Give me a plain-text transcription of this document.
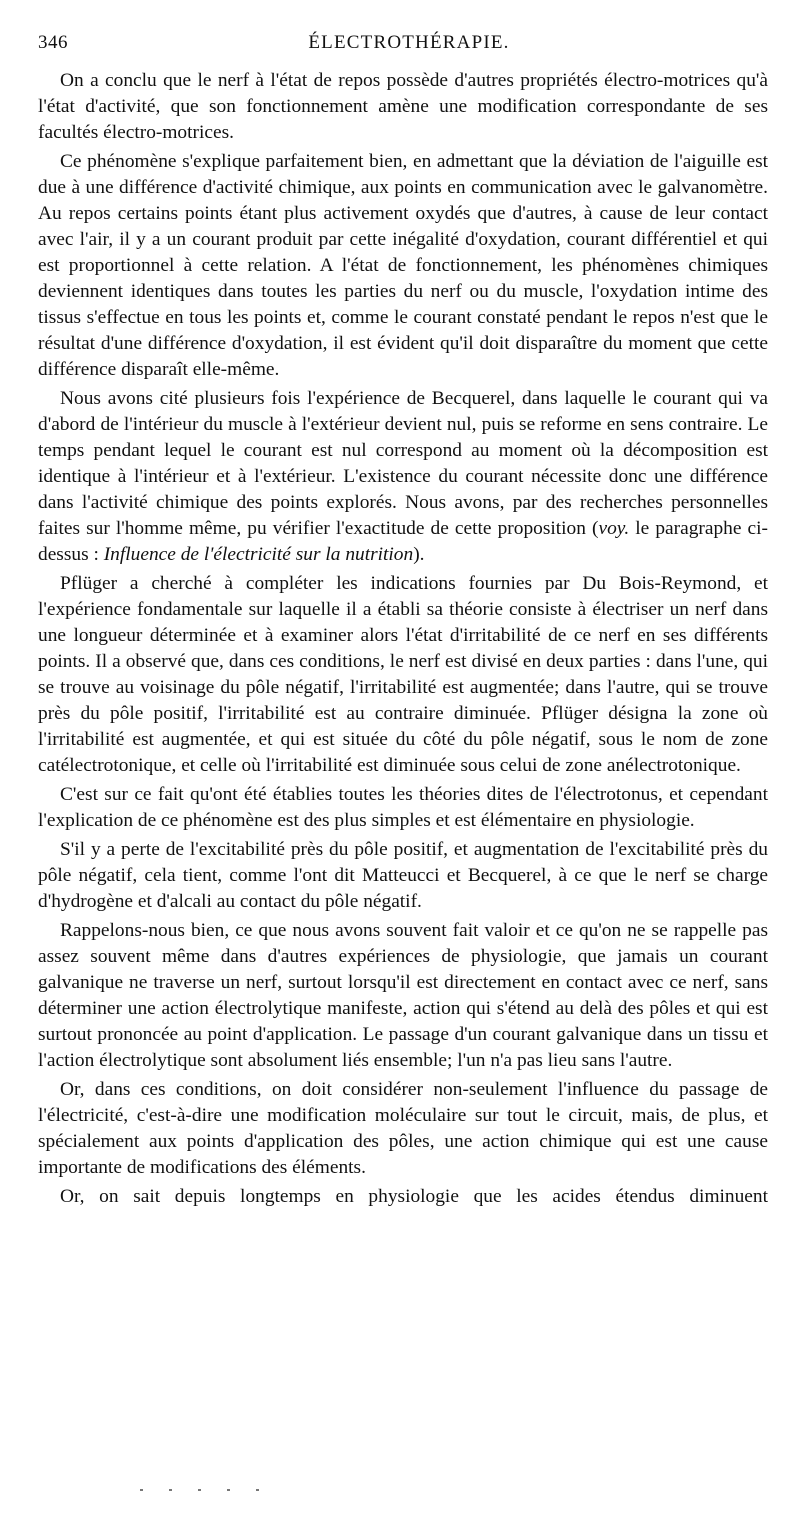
346	ÉLECTROTHÉRAPIE.

On a conclu que le nerf à l'état de repos possède d'autres propriétés électro-motrices qu'à l'état d'activité, que son fonctionnement amène une modification correspondante de ses facultés électro-motrices.

Ce phénomène s'explique parfaitement bien, en admettant que la déviation de l'aiguille est due à une différence d'activité chimique, aux points en communication avec le galvanomètre. Au repos certains points étant plus activement oxydés que d'autres, à cause de leur contact avec l'air, il y a un courant produit par cette inégalité d'oxydation, courant différentiel et qui est proportionnel à cette relation. A l'état de fonctionnement, les phénomènes chimiques deviennent identiques dans toutes les parties du nerf ou du muscle, l'oxydation intime des tissus s'effectue en tous les points et, comme le courant constaté pendant le repos n'est que le résultat d'une différence d'oxydation, il est évident qu'il doit disparaître du moment que cette différence disparaît elle-même.

Nous avons cité plusieurs fois l'expérience de Becquerel, dans laquelle le courant qui va d'abord de l'intérieur du muscle à l'extérieur devient nul, puis se reforme en sens contraire. Le temps pendant lequel le courant est nul correspond au moment où la décomposition est identique à l'intérieur et à l'extérieur. L'existence du courant nécessite donc une différence dans l'activité chimique des points explorés. Nous avons, par des recherches personnelles faites sur l'homme même, pu vérifier l'exactitude de cette proposition (voy. le paragraphe ci-dessus : Influence de l'électricité sur la nutrition).

Pflüger a cherché à compléter les indications fournies par Du Bois-Reymond, et l'expérience fondamentale sur laquelle il a établi sa théorie consiste à électriser un nerf dans une longueur déterminée et à examiner alors l'état d'irritabilité de ce nerf en ses différents points. Il a observé que, dans ces conditions, le nerf est divisé en deux parties : dans l'une, qui se trouve au voisinage du pôle négatif, l'irritabilité est augmentée; dans l'autre, qui se trouve près du pôle positif, l'irritabilité est au contraire diminuée. Pflüger désigna la zone où l'irritabilité est augmentée, et qui est située du côté du pôle négatif, sous le nom de zone catélectrotonique, et celle où l'irritabilité est diminuée sous celui de zone anélectrotonique.

C'est sur ce fait qu'ont été établies toutes les théories dites de l'électrotonus, et cependant l'explication de ce phénomène est des plus simples et est élémentaire en physiologie.

S'il y a perte de l'excitabilité près du pôle positif, et augmentation de l'excitabilité près du pôle négatif, cela tient, comme l'ont dit Matteucci et Becquerel, à ce que le nerf se charge d'hydrogène et d'alcali au contact du pôle négatif.

Rappelons-nous bien, ce que nous avons souvent fait valoir et ce qu'on ne se rappelle pas assez souvent même dans d'autres expériences de physiologie, que jamais un courant galvanique ne traverse un nerf, surtout lorsqu'il est directement en contact avec ce nerf, sans déterminer une action électrolytique manifeste, action qui s'étend au delà des pôles et qui est surtout prononcée au point d'application. Le passage d'un courant galvanique dans un tissu et l'action électrolytique sont absolument liés ensemble; l'un n'a pas lieu sans l'autre.

Or, dans ces conditions, on doit considérer non-seulement l'influence du passage de l'électricité, c'est-à-dire une modification moléculaire sur tout le circuit, mais, de plus, et spécialement aux points d'application des pôles, une action chimique qui est une cause importante de modifications des éléments.

Or, on sait depuis longtemps en physiologie que les acides étendus diminuent
